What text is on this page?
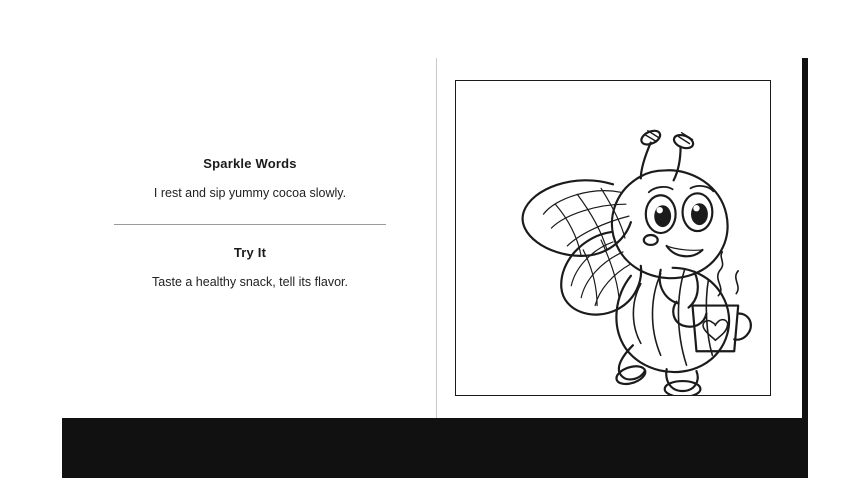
Sparkle Words

I rest and sip yummy cocoa slowly.

Try It

Taste a healthy snack, tell its flavor.
